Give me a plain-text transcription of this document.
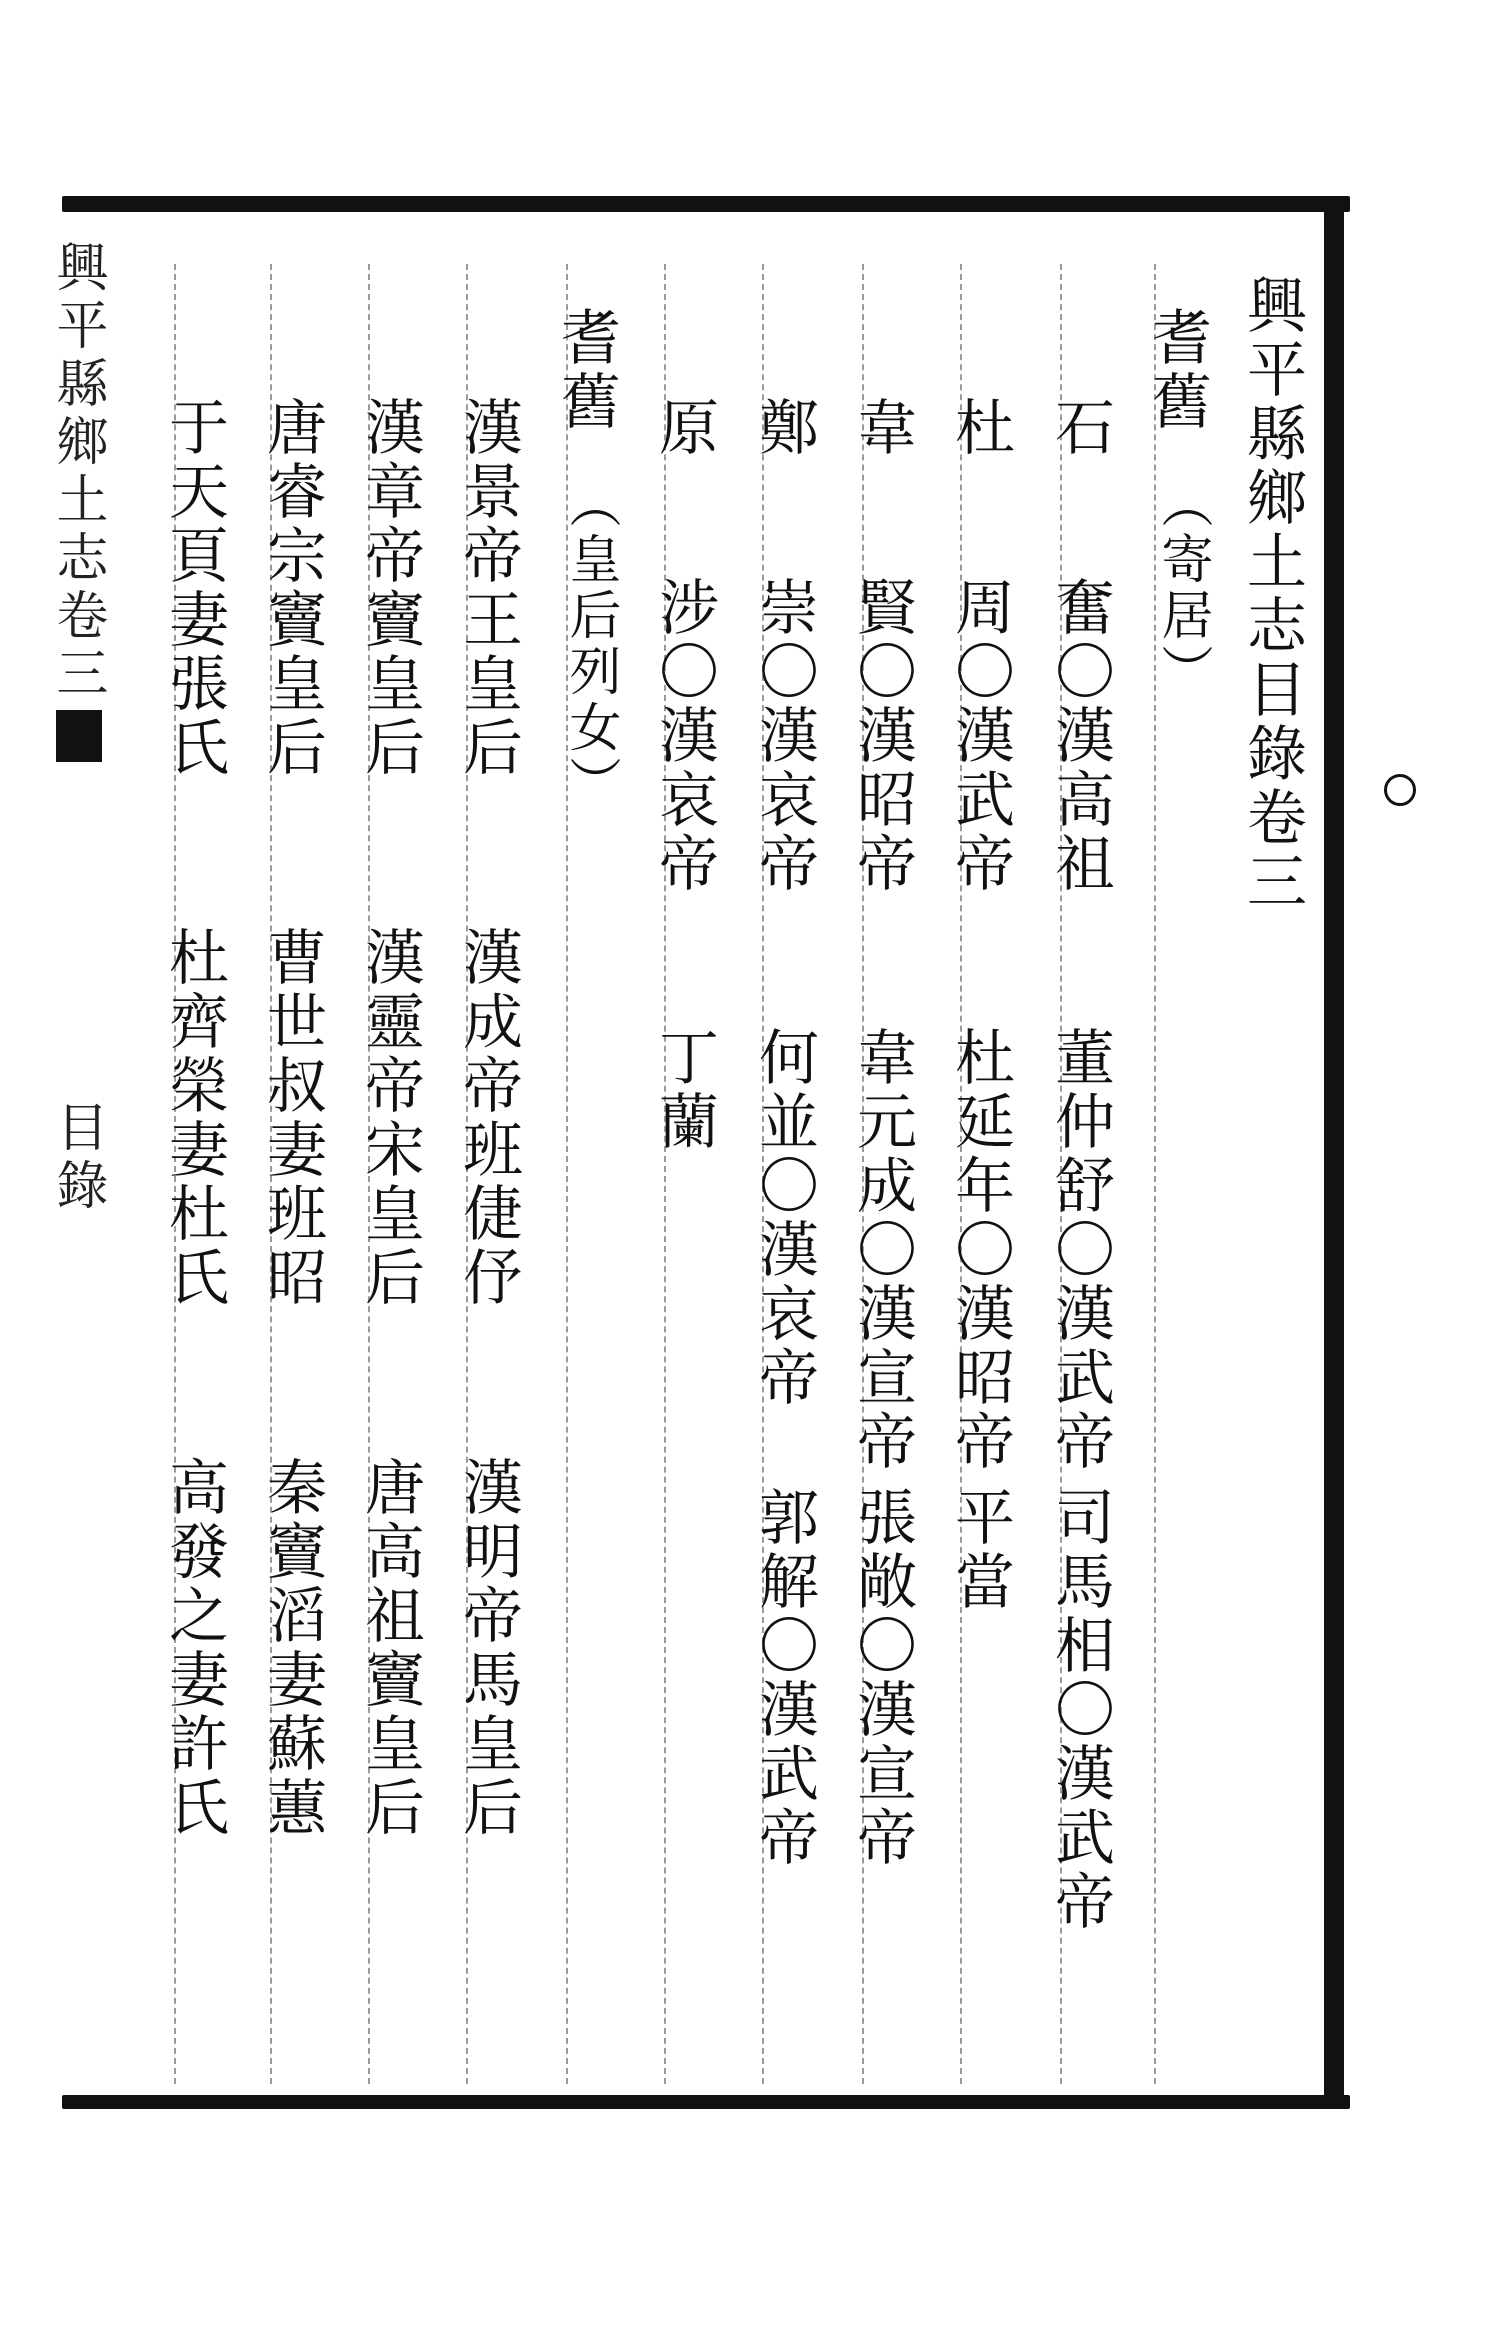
興平縣鄉土志目錄卷三
耆舊
（寄居）
石
奮〇漢高祖
董仲舒〇漢武帝
司馬相〇漢武帝
杜
周〇漢武帝
杜延年〇漢昭帝
平當
韋
賢〇漢昭帝
韋元成〇漢宣帝
張敞〇漢宣帝
鄭
崇〇漢哀帝
何並〇漢哀帝
郭解〇漢武帝
原
涉〇漢哀帝
丁蘭
耆舊
（皇后列女）
漢景帝王皇后
漢成帝班倢伃
漢明帝馬皇后
漢章帝竇皇后
漢靈帝宋皇后
唐高祖竇皇后
唐睿宗竇皇后
曹世叔妻班昭
秦竇滔妻蘇蕙
于天頁妻張氏
杜齊榮妻杜氏
高發之妻許氏
興平縣鄉土志卷三
目錄
